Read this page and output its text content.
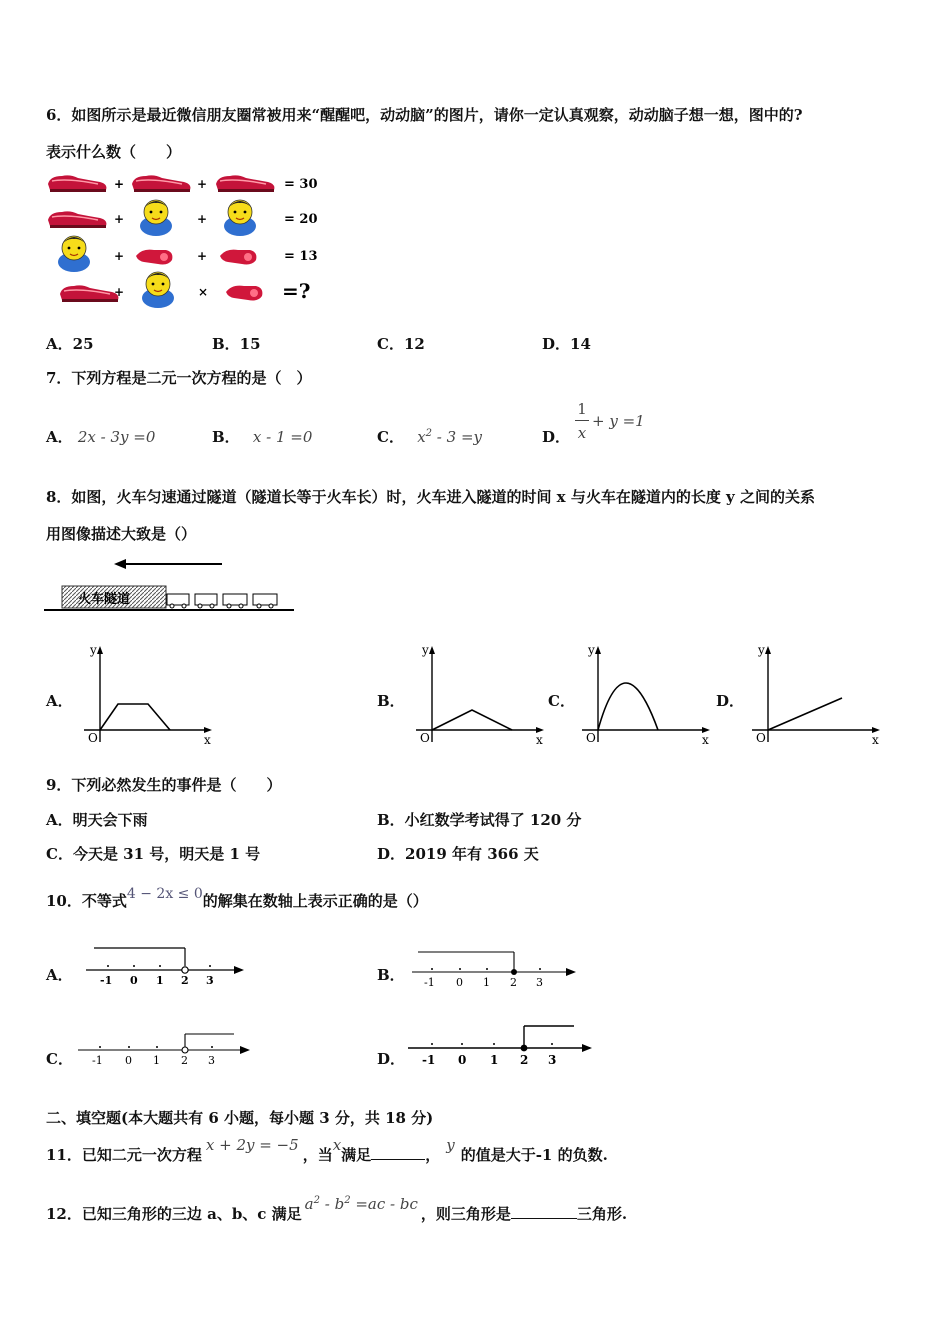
6．如图所示是最近微信朋友圈常被用来“醒醒吧，动动脑”的图片，请你一定认真观察，动动脑子想一想，图中的?
表示什么数（　　）
+	+	= 30
+	+	= 20
+	+	= 13
+	×	=?
A．25	B．15	C．12	D．14
7．下列方程是二元一次方程的是（　）
A． 2x - 3y =0	B． x - 1 =0	C． $x^2 - 3 =y$	D．
1
x
+ y =1
8．如图，火车匀速通过隧道（隧道长等于火车长）时，火车进入隧道的时间 x 与火车在隧道内的长度 y 之间的关系
用图像描述大致是（）
火车隧道
A．
y
O	x
B．
y
O	x
C．
y
O	x
D．
y
O	x
9．下列必然发生的事件是（　　）
A．明天会下雨	B．小红数学考试得了 120 分
C．今天是 31 号，明天是 1 号	D．2019 年有 366 天
10．不等式4 − 2x ≤ 0的解集在数轴上表示正确的是（）
A． -1 0 1 2 3	B． -1 0 1 2 3
C． -1 0 1 2 3	D． -1 0 1 2 3
二、填空题(本大题共有 6 小题，每小题 3 分，共 18 分)
11．已知二元一次方程x + 2y = −5，当x满足	，y的值是大于-1 的负数.
12．已知三角形的三边 a、b、c 满足$a^2 - b^2 =ac$ - bc，则三角形是	三角形.
